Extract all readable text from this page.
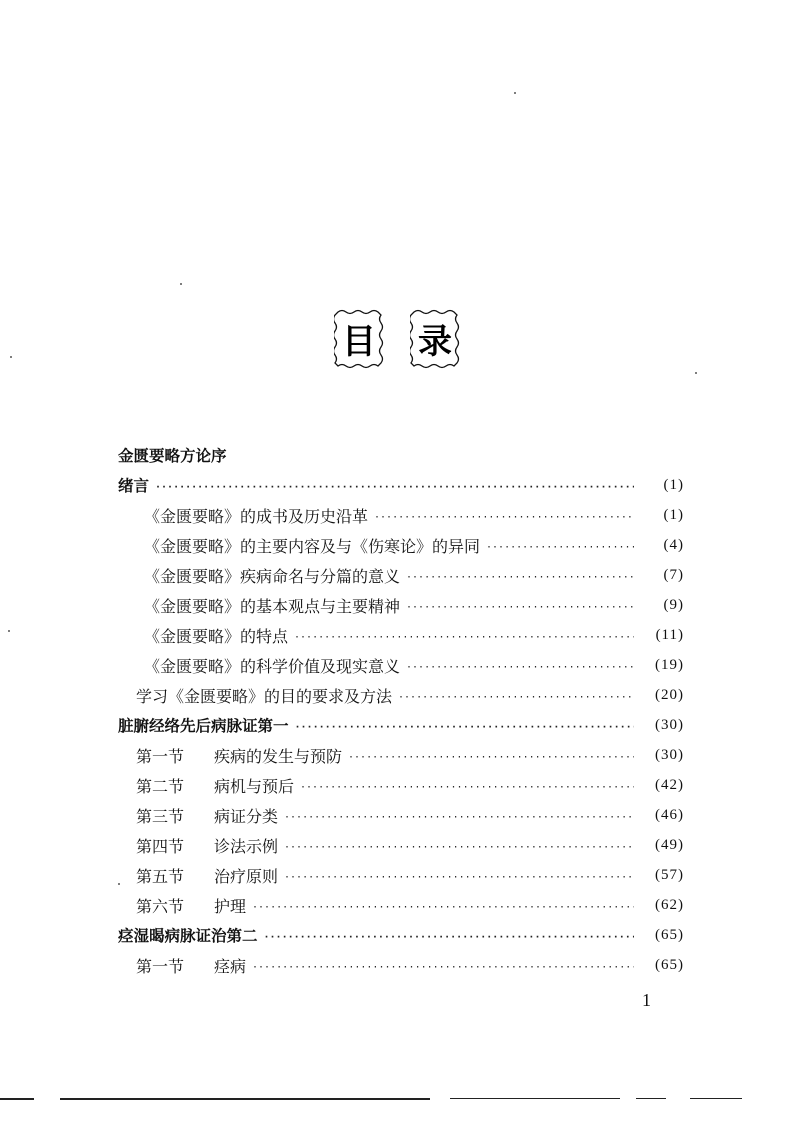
目 录
金匮要略方论序
绪言 ·····	(1)
《金匮要略》的成书及历史沿革 ·····	(1)
《金匮要略》的主要内容及与《伤寒论》的异同 ·····	(4)
《金匮要略》疾病命名与分篇的意义 ·····	(7)
《金匮要略》的基本观点与主要精神 ·····	(9)
《金匮要略》的特点 ·····	(11)
《金匮要略》的科学价值及现实意义 ·····	(19)
学习《金匮要略》的目的要求及方法 ·····	(20)
脏腑经络先后病脉证第一 ·····	(30)
第一节	疾病的发生与预防 ·····	(30)
第二节	病机与预后 ·····	(42)
第三节	病证分类 ·····	(46)
第四节	诊法示例 ·····	(49)
第五节	治疗原则 ·····	(57)
第六节	护理 ·····	(62)
痉湿暍病脉证治第二 ·····	(65)
第一节	痉病 ·····	(65)
1
